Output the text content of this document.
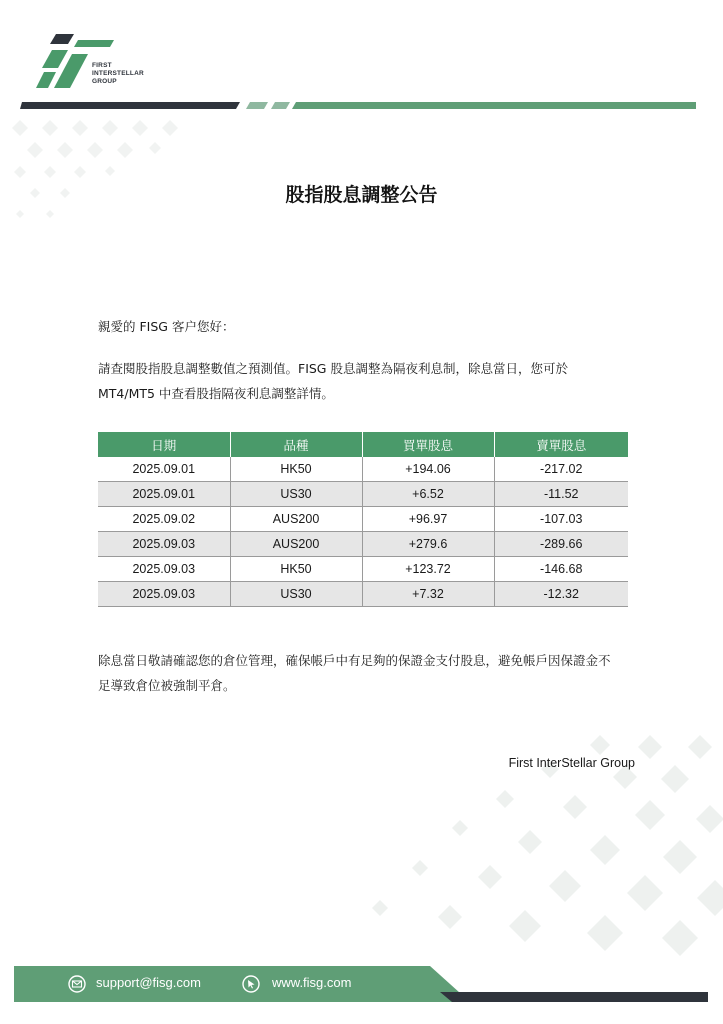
FIRST
INTERSTELLAR
GROUP
股指股息調整公告
親愛的 FISG 客户您好：
請查閱股指股息調整數值之預測值。FISG 股息調整為隔夜利息制，除息當日，您可於
MT4/MT5 中查看股指隔夜利息調整詳情。
日期	品種	買單股息	賣單股息
2025.09.01	HK50	+194.06	-217.02
2025.09.01	US30	+6.52	-11.52
2025.09.02	AUS200	+96.97	-107.03
2025.09.03	AUS200	+279.6	-289.66
2025.09.03	HK50	+123.72	-146.68
2025.09.03	US30	+7.32	-12.32
除息當日敬請確認您的倉位管理，確保帳戶中有足夠的保證金支付股息，避免帳戶因保證金不
足導致倉位被強制平倉。
First InterStellar Group
support@fisg.com	www.fisg.com
